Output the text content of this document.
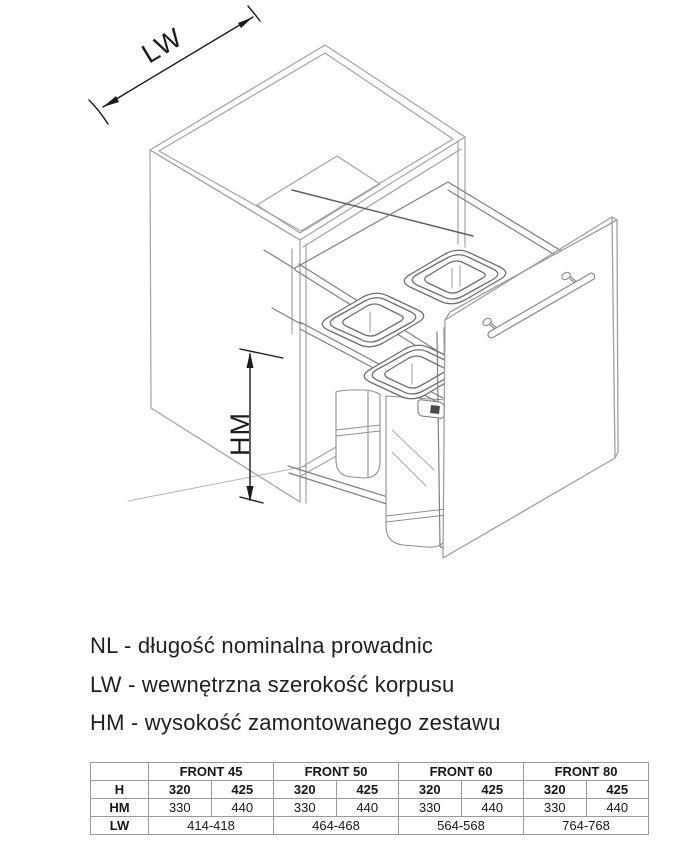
LW
HM
NL - długość nominalna prowadnic
LW - wewnętrzna szerokość korpusu
HM - wysokość zamontowanego zestawu
	FRONT 45		FRONT 50		FRONT 60		FRONT 80	
H	320	425	320	425	320	425	320	425
HM	330	440	330	440	330	440	330	440
LW	414-418		464-468		564-568		764-768	
